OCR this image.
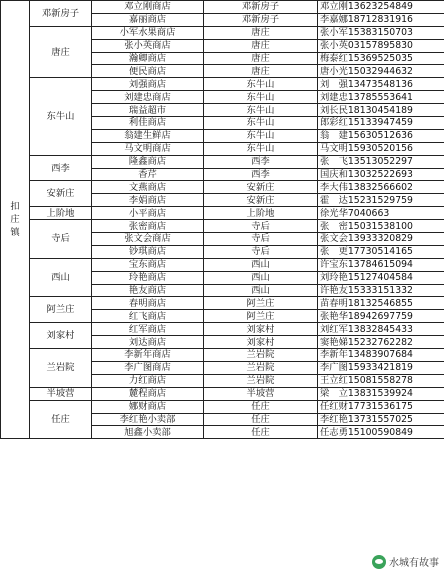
扣庄镇	邓新房子	邓立刚商店	邓新房子	邓立刚13623254849
		嘉丽商店	邓新房子	李嘉娜18712831916
	唐庄	小军水果商店	唐庄	张小军15383150703
		张小英商店	唐庄	张小英03157895830
		瀚卿商店	唐庄	梅泰红15369525035
		便民商店	唐庄	唐小光15032944632
	东牛山	刘强商店	东牛山	刘　强13473548136
		刘建忠商店	东牛山	刘建忠13785553641
		瑞益超市	东牛山	刘长民18130454189
		利佳商店	东牛山	郎彩红15133947459
		翁建生鲜店	东牛山	翁　建15630512636
		马文明商店	东牛山	马文明15930520156
	西李	隆鑫商店	西李	张　飞13513052297
		香芹	西李	国庆和13032522693
	安新庄	文燕商店	安新庄	李大伟13832566602
		李娟商店	安新庄	霍　达15231529759
	上阶地	小平商店	上阶地	徐光华7040663
	寺后	张密商店	寺后	张　密15031538100
		张文会商店	寺后	张文会13933320829
		钞琪商店	寺后	张　更17730514165
	西山	宝东商店	西山	许宝东13784615094
		玲艳商店	西山	刘玲艳15127404584
		艳友商店	西山	许艳友15333151332
	阿兰庄	春明商店	阿兰庄	苗春明18132546855
		红飞商店	阿兰庄	张艳华18942697759
	刘家村	红军商店	刘家村	刘红军13832845433
		刘达商店	刘家村	窦艳娣15232762282
	兰岩院	李新年商店	兰岩院	李新年13483907684
		李广图商店	兰岩院	李广图15933421819
		力红商店	兰岩院	王立红15081558278
	半坡营	麓程商店	半坡营	梁　立13831539924
	任庄	娜财商店	任庄	任红财17731536175
		李红艳小卖部	任庄	李红艳13731557025
		旭鑫小卖部	任庄	任志勇15100590849
水城有故事
